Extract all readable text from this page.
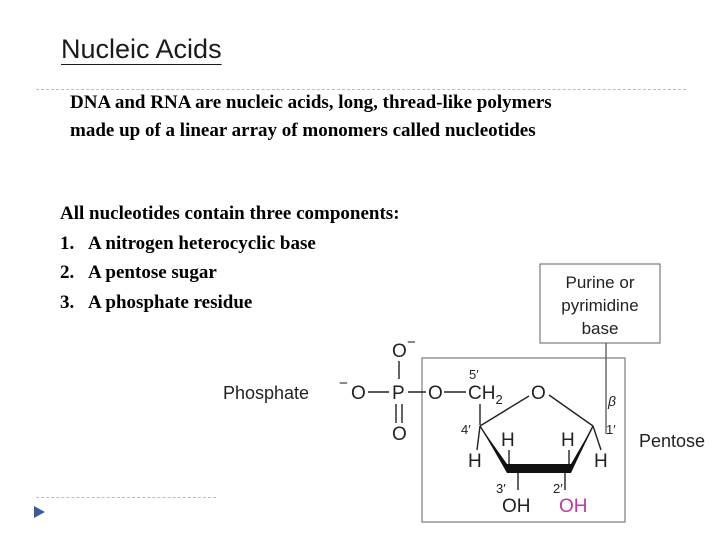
Nucleic Acids

DNA and RNA are nucleic acids, long, thread-like polymers

made up of a linear array of monomers called nucleotides

All nucleotides contain three components:

1. A nitrogen heterocyclic base
2. A pentose sugar
3. A phosphate residue
Purine or
pyrimidine
base
Phosphate
O −
− O P O
O
5′
$CH_2$ O
4′	1′
β
H H
H	H
3′
OH
2′
OH
Pentose
